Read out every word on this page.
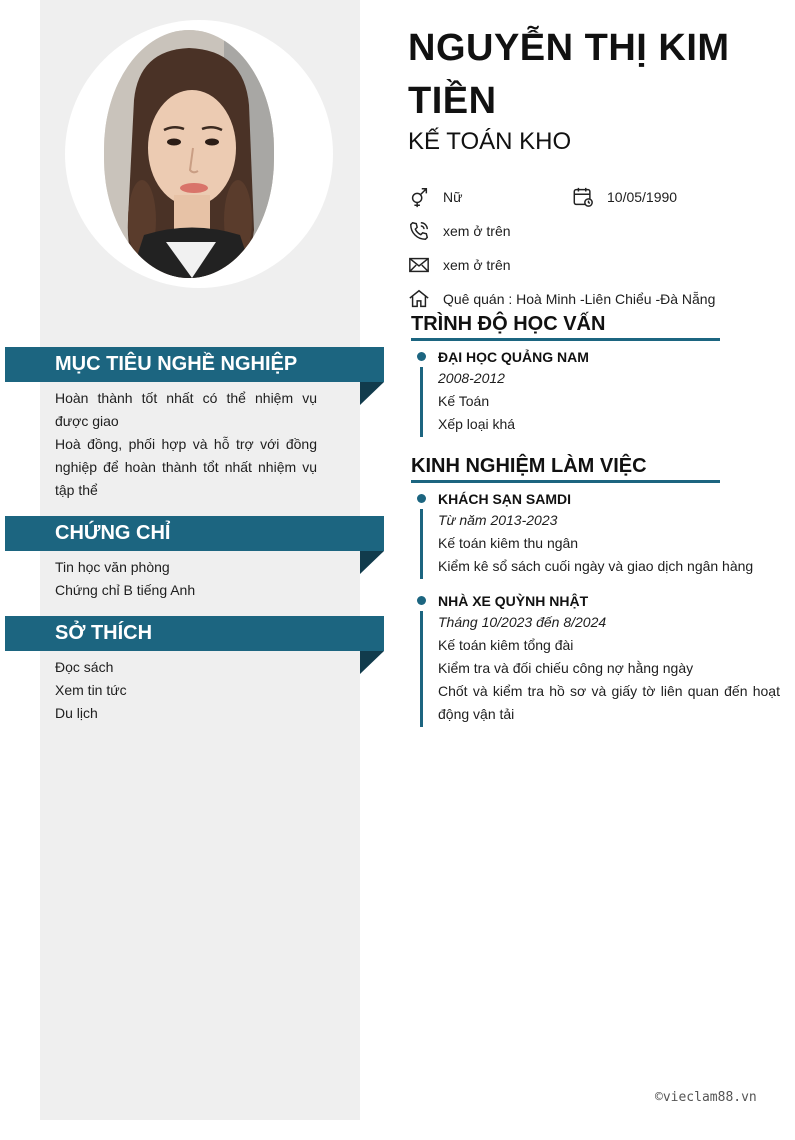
MỤC TIÊU NGHỀ NGHIỆP
Hoàn thành tốt nhất có thể nhiệm vụ được giao
Hoà đồng, phối hợp và hỗ trợ với đồng nghiệp để hoàn thành tổt nhất nhiệm vụ tập thể
CHỨNG CHỈ
Tin học văn phòng
Chứng chỉ B tiếng Anh
SỞ THÍCH
Đọc sách
Xem tin tức
Du lịch
NGUYỄN THỊ KIM TIỀN
KẾ TOÁN KHO
Nữ	10/05/1990
xem ở trên
xem ở trên
Quê quán : Hoà Minh -Liên Chiểu -Đà Nẵng
TRÌNH ĐỘ HỌC VẤN
ĐẠI HỌC QUẢNG NAM
2008-2012
Kế Toán
Xếp loại khá
KINH NGHIỆM LÀM VIỆC
KHÁCH SẠN SAMDI
Từ năm 2013-2023
Kế toán kiêm thu ngân
Kiểm kê sổ sách cuối ngày và giao dịch ngân hàng
NHÀ XE QUỲNH NHẬT
Tháng 10/2023 đến 8/2024
Kế toán kiêm tổng đài
Kiểm tra và đối chiếu công nợ hằng ngày
Chốt và kiểm tra hồ sơ và giấy tờ liên quan đến hoạt động vận tải
©vieclam88.vn
